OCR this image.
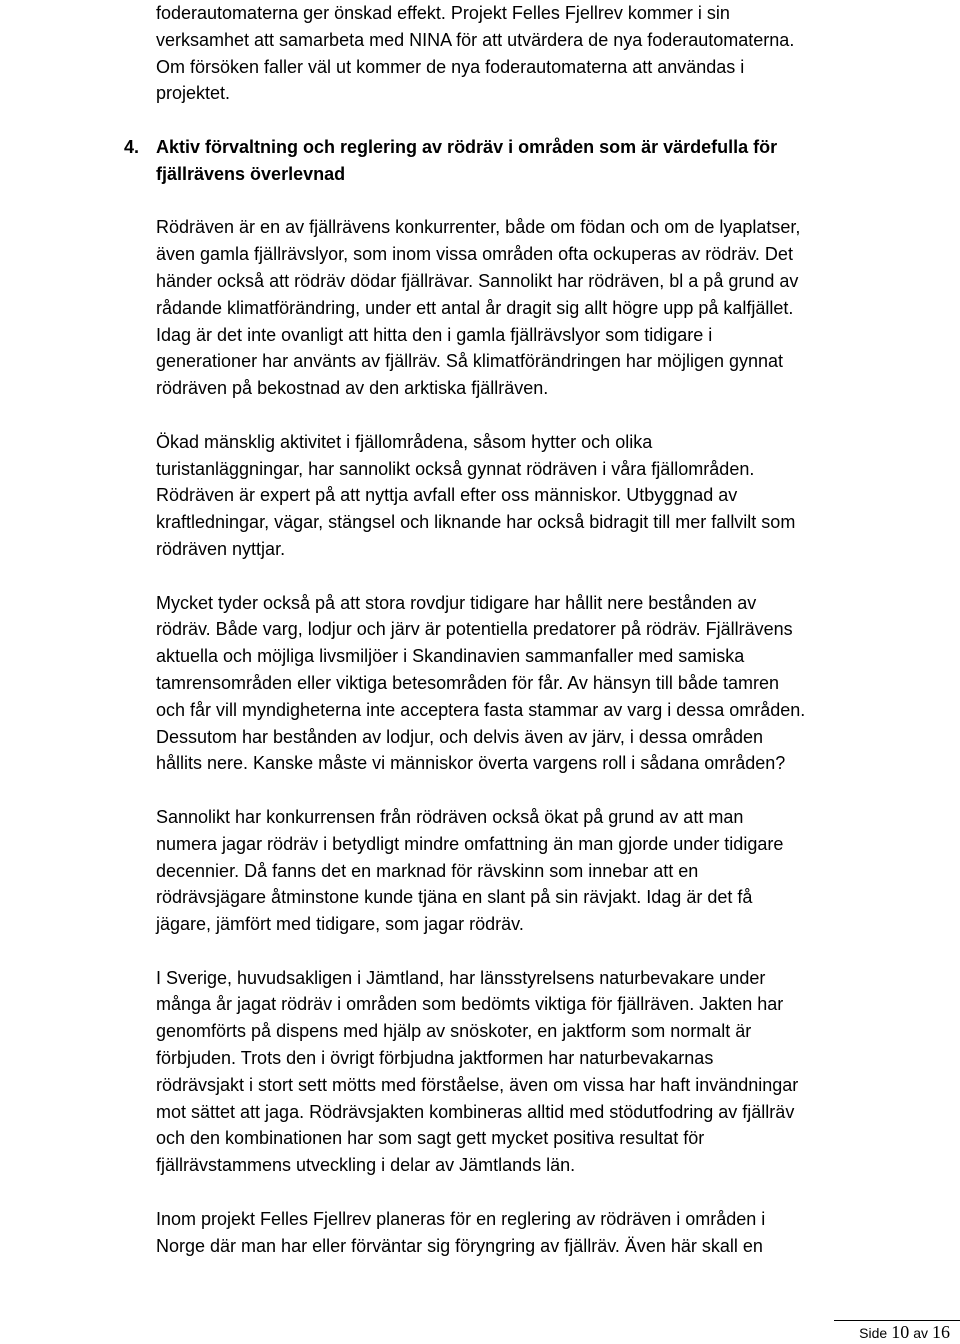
foderautomaterna ger önskad effekt. Projekt Felles Fjellrev kommer i sin
verksamhet att samarbeta med NINA för att utvärdera de nya foderautomaterna.
Om försöken faller väl ut kommer de nya foderautomaterna att användas i
projektet.

4. Aktiv förvaltning och reglering av rödräv i områden som är värdefulla för
fjällrävens överlevnad

Rödräven är en av fjällrävens konkurrenter, både om födan och om de lyaplatser,
även gamla fjällrävslyor, som inom vissa områden ofta ockuperas av rödräv. Det
händer också att rödräv dödar fjällrävar. Sannolikt har rödräven, bl a på grund av
rådande klimatförändring, under ett antal år dragit sig allt högre upp på kalfjället.
Idag är det inte ovanligt att hitta den i gamla fjällrävslyor som tidigare i
generationer har använts av fjällräv. Så klimatförändringen har möjligen gynnat
rödräven på bekostnad av den arktiska fjällräven.

Ökad mänsklig aktivitet i fjällområdena, såsom hytter och olika
turistanläggningar, har sannolikt också gynnat rödräven i våra fjällområden.
Rödräven är expert på att nyttja avfall efter oss människor. Utbyggnad av
kraftledningar, vägar, stängsel och liknande har också bidragit till mer fallvilt som
rödräven nyttjar.

Mycket tyder också på att stora rovdjur tidigare har hållit nere bestånden av
rödräv. Både varg, lodjur och järv är potentiella predatorer på rödräv. Fjällrävens
aktuella och möjliga livsmiljöer i Skandinavien sammanfaller med samiska
tamrensområden eller viktiga betesområden för får. Av hänsyn till både tamren
och får vill myndigheterna inte acceptera fasta stammar av varg i dessa områden.
Dessutom har bestånden av lodjur, och delvis även av järv, i dessa områden
hållits nere. Kanske måste vi människor överta vargens roll i sådana områden?

Sannolikt har konkurrensen från rödräven också ökat på grund av att man
numera jagar rödräv i betydligt mindre omfattning än man gjorde under tidigare
decennier. Då fanns det en marknad för rävskinn som innebar att en
rödrävsjägare åtminstone kunde tjäna en slant på sin rävjakt. Idag är det få
jägare, jämfört med tidigare, som jagar rödräv.

I Sverige, huvudsakligen i Jämtland, har länsstyrelsens naturbevakare under
många år jagat rödräv i områden som bedömts viktiga för fjällräven. Jakten har
genomförts på dispens med hjälp av snöskoter, en jaktform som normalt är
förbjuden. Trots den i övrigt förbjudna jaktformen har naturbevakarnas
rödrävsjakt i stort sett mötts med förståelse, även om vissa har haft invändningar
mot sättet att jaga. Rödrävsjakten kombineras alltid med stödutfodring av fjällräv
och den kombinationen har som sagt gett mycket positiva resultat för
fjällrävstammens utveckling i delar av Jämtlands län.

Inom projekt Felles Fjellrev planeras för en reglering av rödräven i områden i
Norge där man har eller förväntar sig föryngring av fjällräv. Även här skall en

Side 10 av 16
